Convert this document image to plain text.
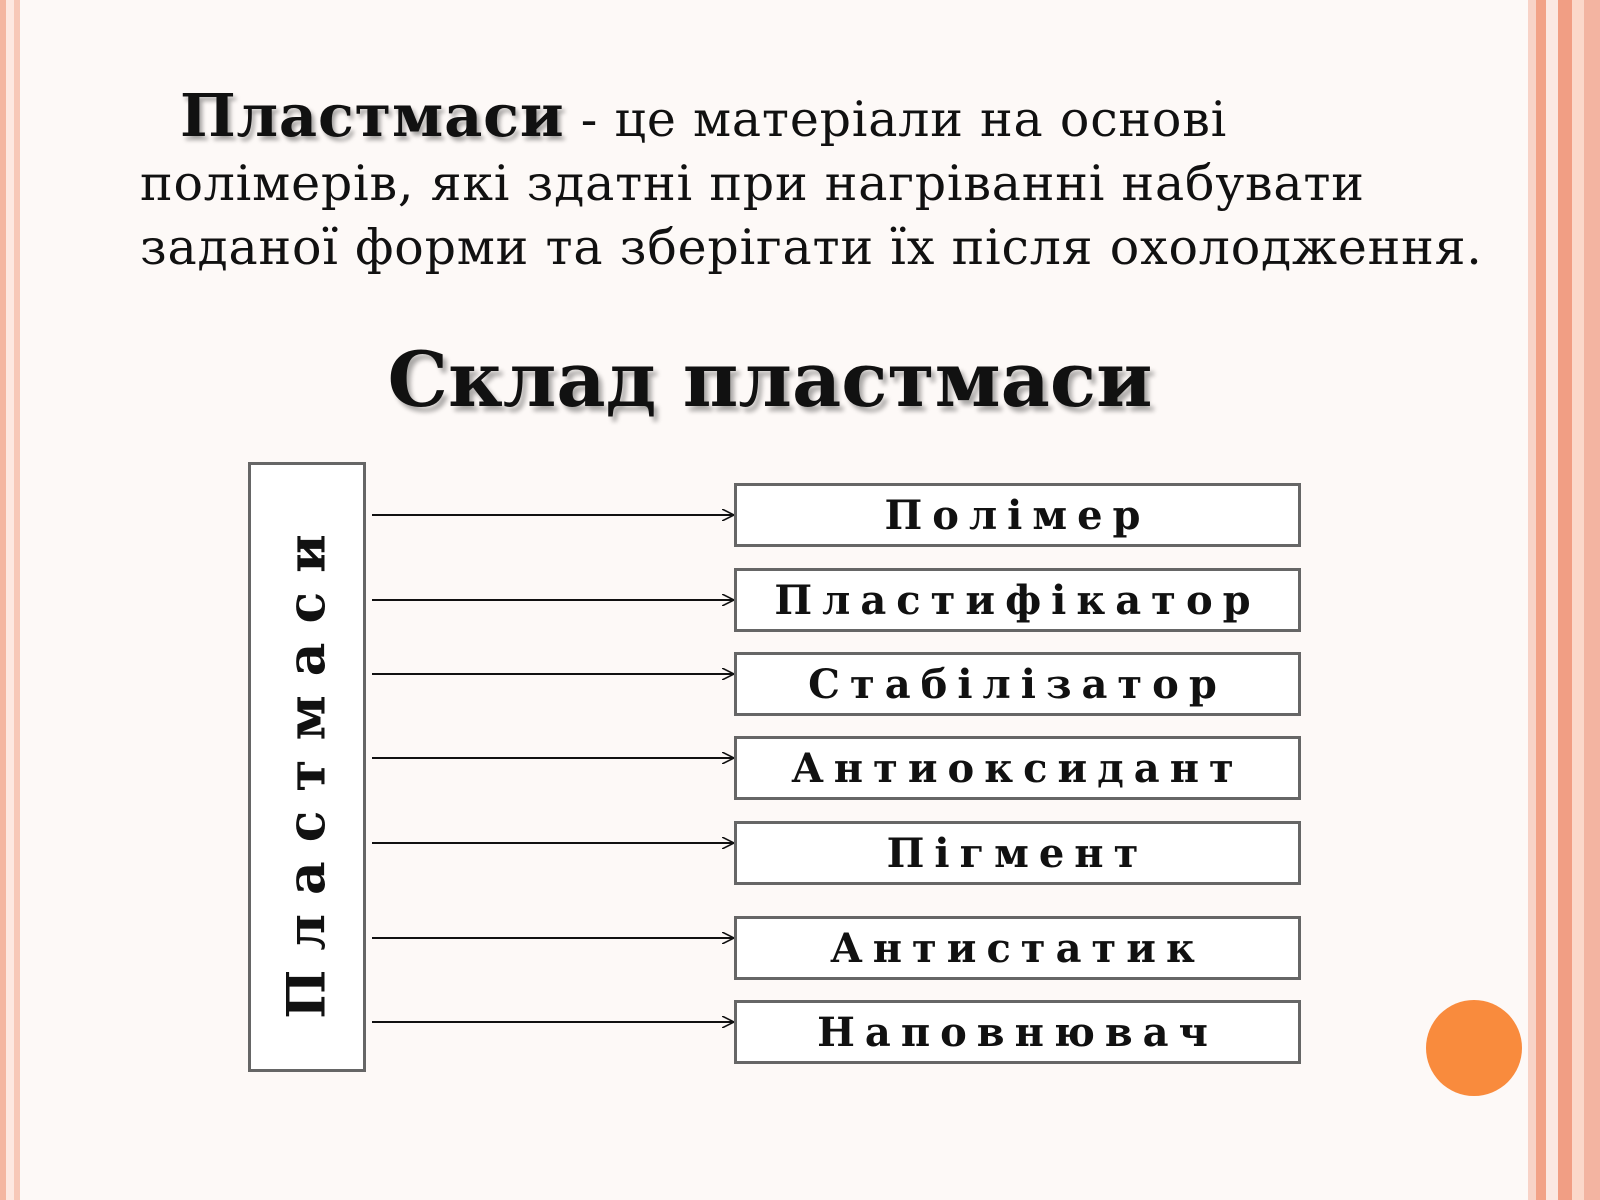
Пластмаси - це матеріали на основі полімерів, які здатні при нагріванні набувати заданої форми та зберігати їх після охолодження.

Склад пластмаси
Пластмаси
Полімер
Пластифікатор
Стабілізатор
Антиоксидант
Пігмент
Антистатик
Наповнювач
